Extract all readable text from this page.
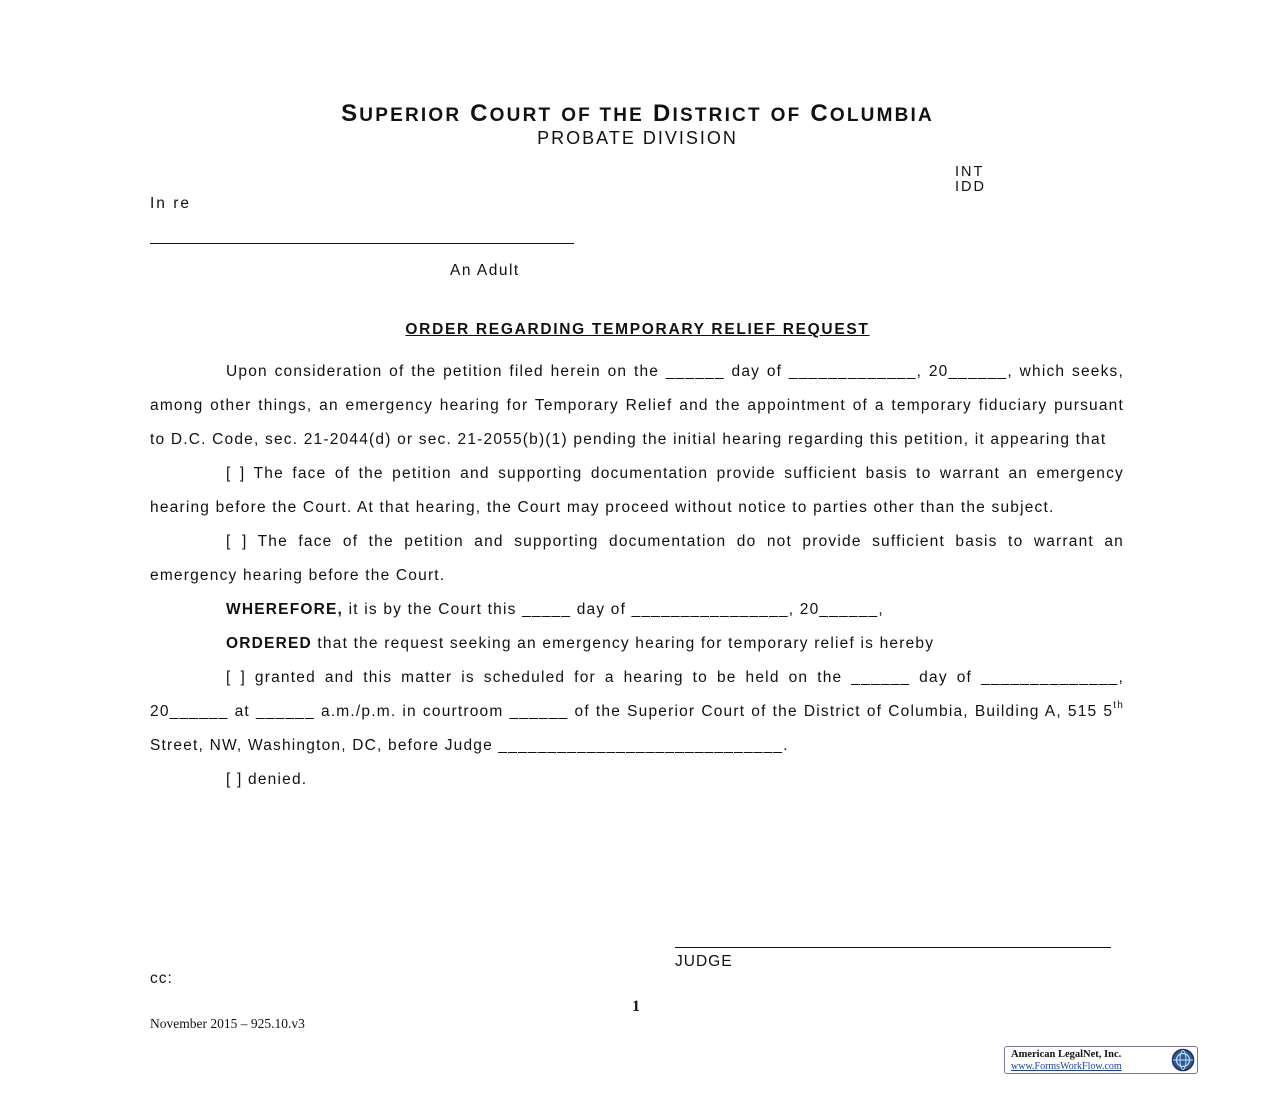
SUPERIOR COURT OF THE DISTRICT OF COLUMBIA
PROBATE DIVISION
INT
IDD
In re
An Adult
ORDER REGARDING TEMPORARY RELIEF REQUEST

Upon consideration of the petition filed herein on the ______ day of _____________, 20______, which seeks, among other things, an emergency hearing for Temporary Relief and the appointment of a temporary fiduciary pursuant to D.C. Code, sec. 21-2044(d) or sec. 21-2055(b)(1) pending the initial hearing regarding this petition, it appearing that

[ ] The face of the petition and supporting documentation provide sufficient basis to warrant an emergency hearing before the Court. At that hearing, the Court may proceed without notice to parties other than the subject.

[ ] The face of the petition and supporting documentation do not provide sufficient basis to warrant an emergency hearing before the Court.

WHEREFORE, it is by the Court this _____ day of ________________, 20______,

ORDERED that the request seeking an emergency hearing for temporary relief is hereby

[ ] granted and this matter is scheduled for a hearing to be held on the ______ day of ______________, 20______ at ______ a.m./p.m. in courtroom ______ of the Superior Court of the District of Columbia, Building A, 515 5th Street, NW, Washington, DC, before Judge _____________________________.

[ ] denied.

JUDGE
cc:
1
November 2015 – 925.10.v3
American LegalNet, Inc.
www.FormsWorkFlow.com
